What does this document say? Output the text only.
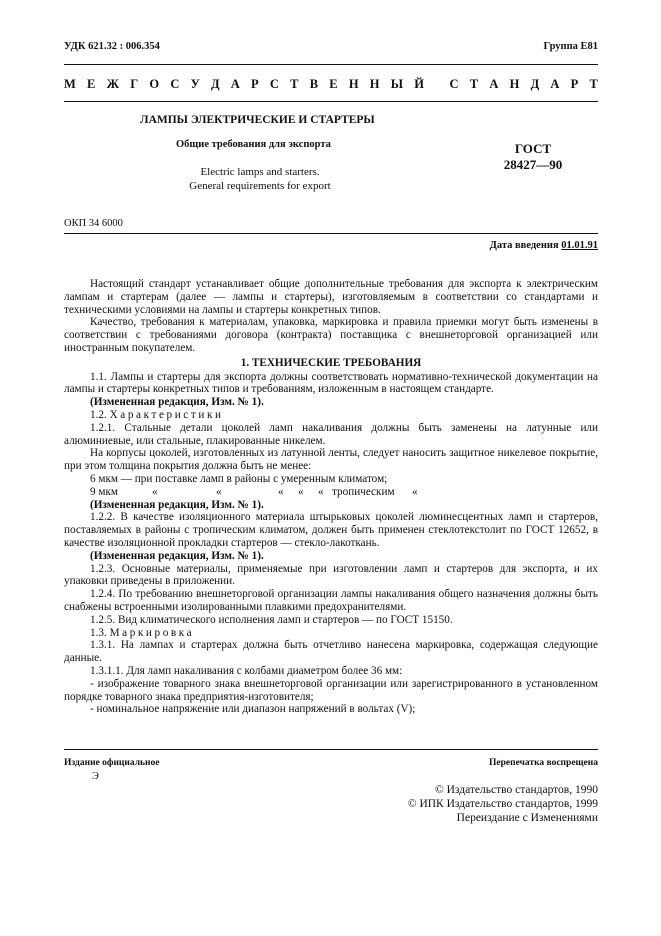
УДК 621.32 : 006.354	Группа Е81
М Е Ж Г О С У Д А Р С Т В Е Н Н Ы Й
С Т А Н Д А Р Т
ЛАМПЫ ЭЛЕКТРИЧЕСКИЕ И СТАРТЕРЫ
Общие требования для экспорта
Electric lamps and starters.
General requirements for export
ГОСТ
28427—90
ОКП 34 6000
Дата введения 01.01.91

Настоящий стандарт устанавливает общие дополнительные требования для экспорта к электрическим лампам и стартерам (далее — лампы и стартеры), изготовляемым в соответствии со стандартами и техническими условиями на лампы и стартеры конкретных типов.

Качество, требования к материалам, упаковка, маркировка и правила приемки могут быть изменены в соответствии с требованиями договора (контракта) поставщика с внешнеторговой организацией или иностранным покупателем.

1. ТЕХНИЧЕСКИЕ ТРЕБОВАНИЯ

1.1. Лампы и стартеры для экспорта должны соответствовать нормативно-технической документации на лампы и стартеры конкретных типов и требованиям, изложенным в настоящем стандарте.

(Измененная редакция, Изм. № 1).

1.2. Характеристики

1.2.1. Стальные детали цоколей ламп накаливания должны быть заменены на латунные или алюминиевые, или стальные, плакированные никелем.

На корпусы цоколей, изготовленных из латунной ленты, следует наносить защитное никелевое покрытие, при этом толщина покрытия должна быть не менее:

6 мкм — при поставке ламп в районы с умеренным климатом;

9 мкм	«	«	«	«	« тропическим	«

(Измененная редакция, Изм. № 1).

1.2.2. В качестве изоляционного материала штырьковых цоколей люминесцентных ламп и стартеров, поставляемых в районы с тропическим климатом, должен быть применен стеклотекстолит по ГОСТ 12652, в качестве изоляционной прокладки стартеров — стекло-лакоткань.

(Измененная редакция, Изм. № 1).

1.2.3. Основные материалы, применяемые при изготовлении ламп и стартеров для экспорта, и их упаковки приведены в приложении.

1.2.4. По требованию внешнеторговой организации лампы накаливания общего назначения должны быть снабжены встроенными изолированными плавкими предохранителями.

1.2.5. Вид климатического исполнения ламп и стартеров — по ГОСТ 15150.

1.3. Маркировка

1.3.1. На лампах и стартерах должна быть отчетливо нанесена маркировка, содержащая следующие данные.

1.3.1.1. Для ламп накаливания с колбами диаметром более 36 мм:

- изображение товарного знака внешнеторговой организации или зарегистрированного в установленном порядке товарного знака предприятия-изготовителя;

- номинальное напряжение или диапазон напряжений в вольтах (V);

Издание официальное
Э
Перепечатка воспрещена
© Издательство стандартов, 1990
© ИПК Издательство стандартов, 1999
Переиздание с Изменениями
